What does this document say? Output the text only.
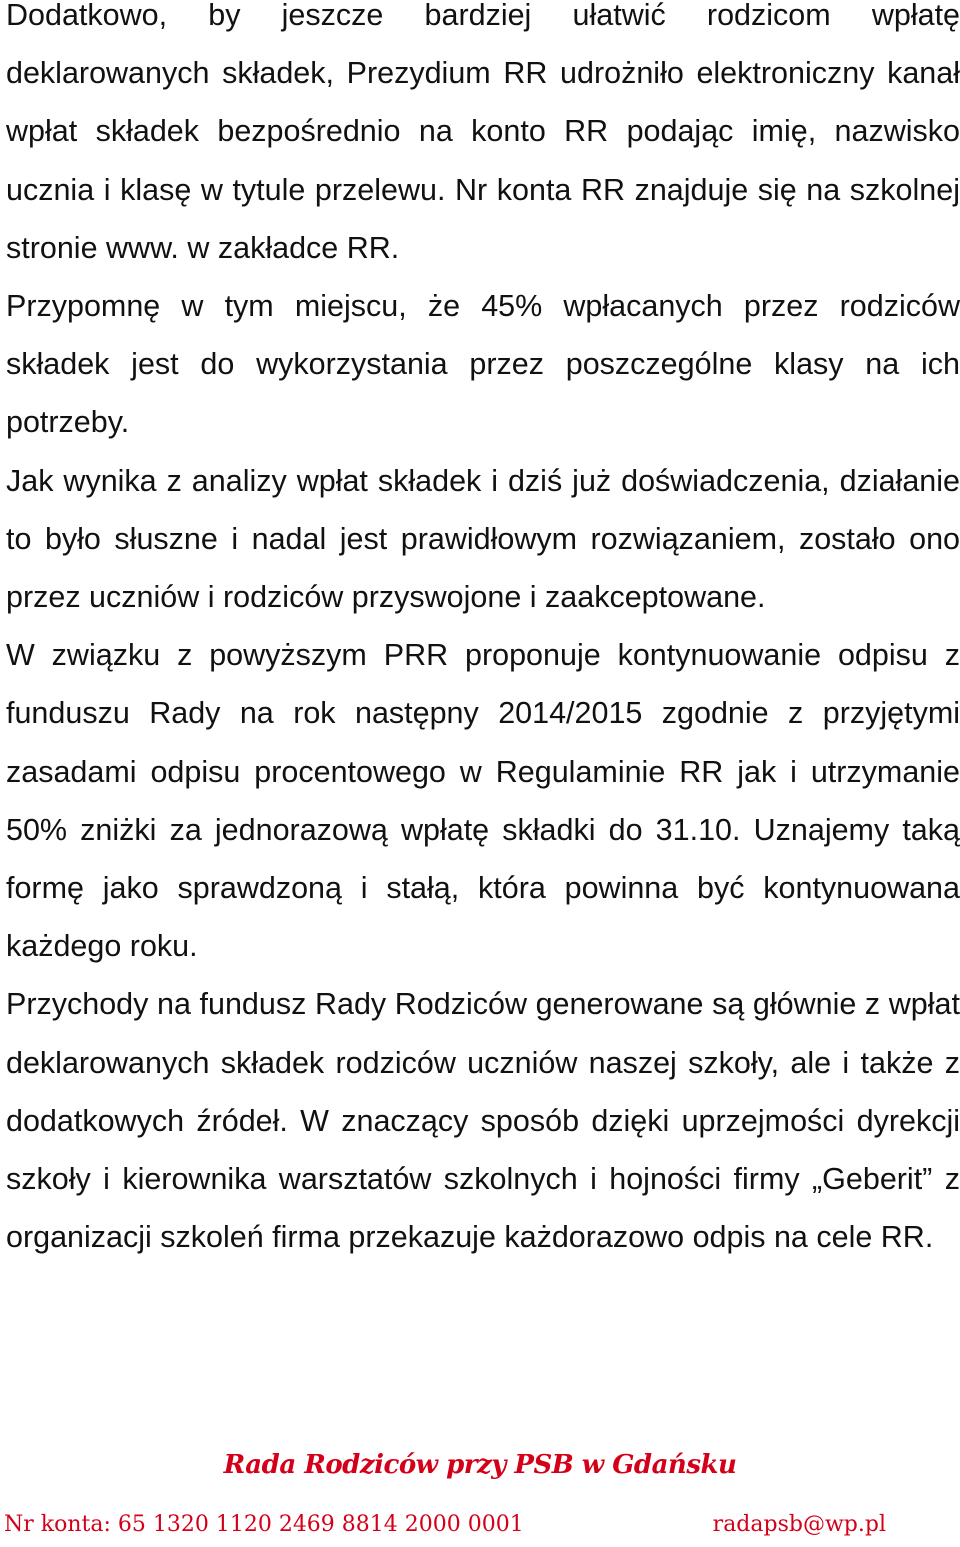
Dodatkowo, by jeszcze bardziej ułatwić rodzicom wpłatę deklarowanych składek, Prezydium RR udrożniło elektroniczny kanał wpłat składek bezpośrednio na konto RR podając imię, nazwisko ucznia i klasę w tytule przelewu. Nr konta RR znajduje się na szkolnej stronie www. w zakładce RR.

Przypomnę w tym miejscu, że 45% wpłacanych przez rodziców składek jest do wykorzystania przez poszczególne klasy na ich potrzeby.

Jak wynika z analizy wpłat składek i dziś już doświadczenia, działanie to było słuszne i nadal jest prawidłowym rozwiązaniem, zostało ono przez uczniów i rodziców przyswojone i zaakceptowane.

W związku z powyższym PRR proponuje kontynuowanie odpisu z funduszu Rady na rok następny 2014/2015 zgodnie z przyjętymi zasadami odpisu procentowego w Regulaminie RR jak i utrzymanie 50% zniżki za jednorazową wpłatę składki do 31.10. Uznajemy taką formę jako sprawdzoną i stałą, która powinna być kontynuowana każdego roku.

Przychody na fundusz Rady Rodziców generowane są głównie z wpłat deklarowanych składek rodziców uczniów naszej szkoły, ale i także z dodatkowych źródeł. W znaczący sposób dzięki uprzejmości dyrekcji szkoły i kierownika warsztatów szkolnych i hojności firmy „Geberit” z organizacji szkoleń firma przekazuje każdorazowo odpis na cele RR.

Rada Rodziców przy PSB w Gdańsku
Nr konta: 65 1320 1120 2469 8814 2000 0001	radapsb@wp.pl
